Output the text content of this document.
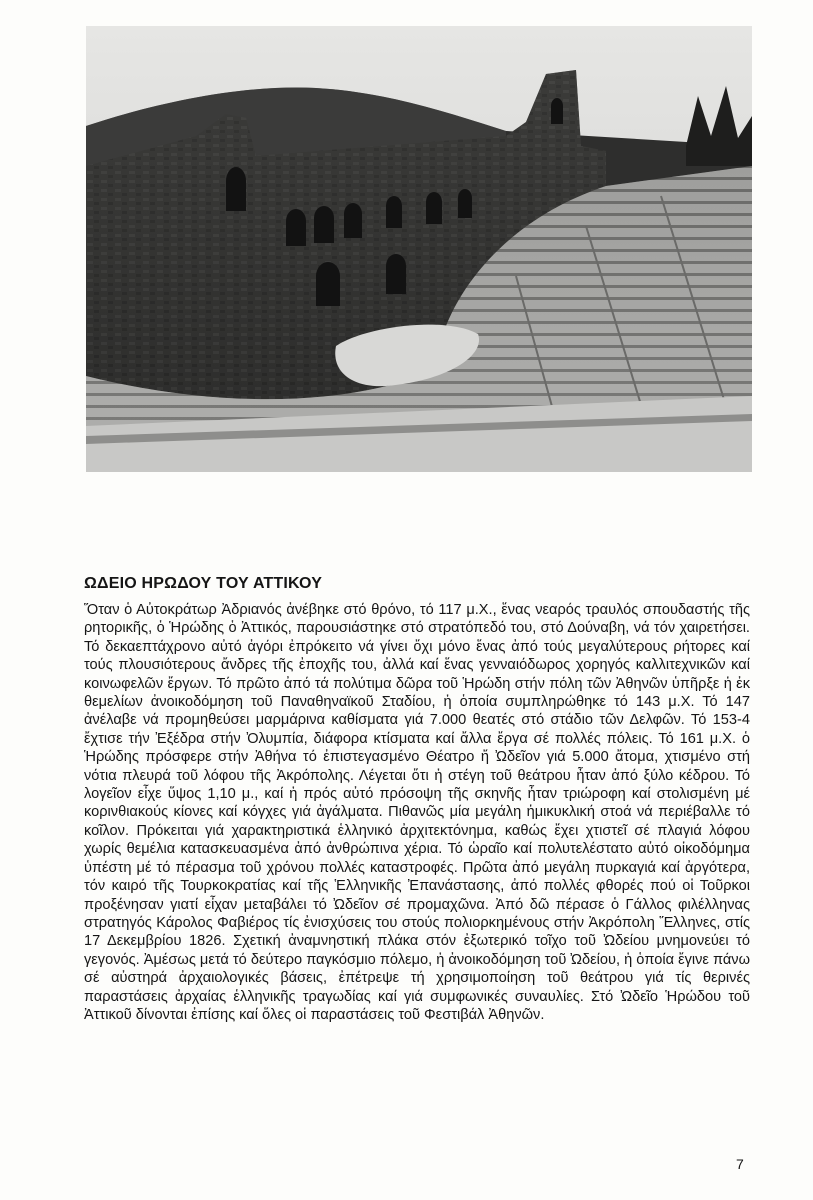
ΩΔΕΙΟ ΗΡΩΔΟΥ ΤΟΥ ΑΤΤΙΚΟΥ

Ὅταν ὁ Αὐτοκράτωρ Ἀδριανός ἀνέβηκε στό θρόνο, τό 117 μ.Χ., ἕνας νεαρός τραυλός σπουδαστής τῆς ρητορικῆς, ὁ Ἡρώδης ὁ Ἀττικός, παρουσιάστηκε στό στρατόπεδό του, στό Δούναβη, νά τόν χαιρετήσει. Τό δεκαεπτάχρονο αὐτό ἀγόρι ἐπρόκειτο νά γίνει ὄχι μόνο ἕνας ἀπό τούς μεγαλύτερους ρήτορες καί τούς πλουσιότερους ἄνδρες τῆς ἐποχῆς του, ἀλλά καί ἕνας γενναιόδωρος χορηγός καλλιτεχνικῶν καί κοινωφελῶν ἔργων. Τό πρῶτο ἀπό τά πολύτιμα δῶρα τοῦ Ἡρώδη στήν πόλη τῶν Ἀθηνῶν ὑπῆρξε ἡ ἐκ θεμελίων ἀνοικοδόμηση τοῦ Παναθηναϊκοῦ Σταδίου, ἡ ὁποία συμπληρώθηκε τό 143 μ.Χ. Τό 147 ἀνέλαβε νά προμηθεύσει μαρμάρινα καθίσματα γιά 7.000 θεατές στό στάδιο τῶν Δελφῶν. Τό 153-4 ἔχτισε τήν Ἐξέδρα στήν Ὀλυμπία, διάφορα κτίσματα καί ἄλλα ἔργα σέ πολλές πόλεις. Τό 161 μ.Χ. ὁ Ἡρώδης πρόσφερε στήν Ἀθήνα τό ἐπιστεγασμένο Θέατρο ἤ Ὠδεῖον γιά 5.000 ἄτομα, χτισμένο στή νότια πλευρά τοῦ λόφου τῆς Ἀκρόπολης. Λέγεται ὅτι ἡ στέγη τοῦ θεάτρου ἦταν ἀπό ξύλο κέδρου. Τό λογεῖον εἶχε ὕψος 1,10 μ., καί ἡ πρός αὐτό πρόσοψη τῆς σκηνῆς ἦταν τριώροφη καί στολισμένη μέ κορινθιακούς κίονες καί κόγχες γιά ἀγάλματα. Πιθανῶς μία μεγάλη ἡμικυκλική στοά νά περιέβαλλε τό κοῖλον. Πρόκειται γιά χαρακτηριστικά ἑλληνικό ἀρχιτεκτόνημα, καθώς ἔχει χτιστεῖ σέ πλαγιά λόφου χωρίς θεμέλια κατασκευασμένα ἀπό ἀνθρώπινα χέρια. Τό ὡραῖο καί πολυτελέστατο αὐτό οἰκοδόμημα ὑπέστη μέ τό πέρασμα τοῦ χρόνου πολλές καταστροφές. Πρῶτα ἀπό μεγάλη πυρκαγιά καί ἀργότερα, τόν καιρό τῆς Τουρκοκρατίας καί τῆς Ἑλληνικῆς Ἐπανάστασης, ἀπό πολλές φθορές πού οἱ Τοῦρκοι προξένησαν γιατί εἶχαν μεταβάλει τό Ὠδεῖον σέ προμαχῶνα. Ἀπό δῶ πέρασε ὁ Γάλλος φιλέλληνας στρατηγός Κάρολος Φαβιέρος τίς ἐνισχύσεις του στούς πολιορκημένους στήν Ἀκρόπολη Ἕλληνες, στίς 17 Δεκεμβρίου 1826. Σχετική ἀναμνηστική πλάκα στόν ἐξωτερικό τοῖχο τοῦ Ὠδείου μνημονεύει τό γεγονός. Ἀμέσως μετά τό δεύτερο παγκόσμιο πόλεμο, ἡ ἀνοικοδόμηση τοῦ Ὠδείου, ἡ ὁποία ἔγινε πάνω σέ αὐστηρά ἀρχαιολογικές βάσεις, ἐπέτρεψε τή χρησιμοποίηση τοῦ θεάτρου γιά τίς θερινές παραστάσεις ἀρχαίας ἑλληνικῆς τραγωδίας καί γιά συμφωνικές συναυλίες. Στό Ὠδεῖο Ἡρώδου τοῦ Ἀττικοῦ δίνονται ἐπίσης καί ὅλες οἱ παραστάσεις τοῦ Φεστιβάλ Ἀθηνῶν.

7
